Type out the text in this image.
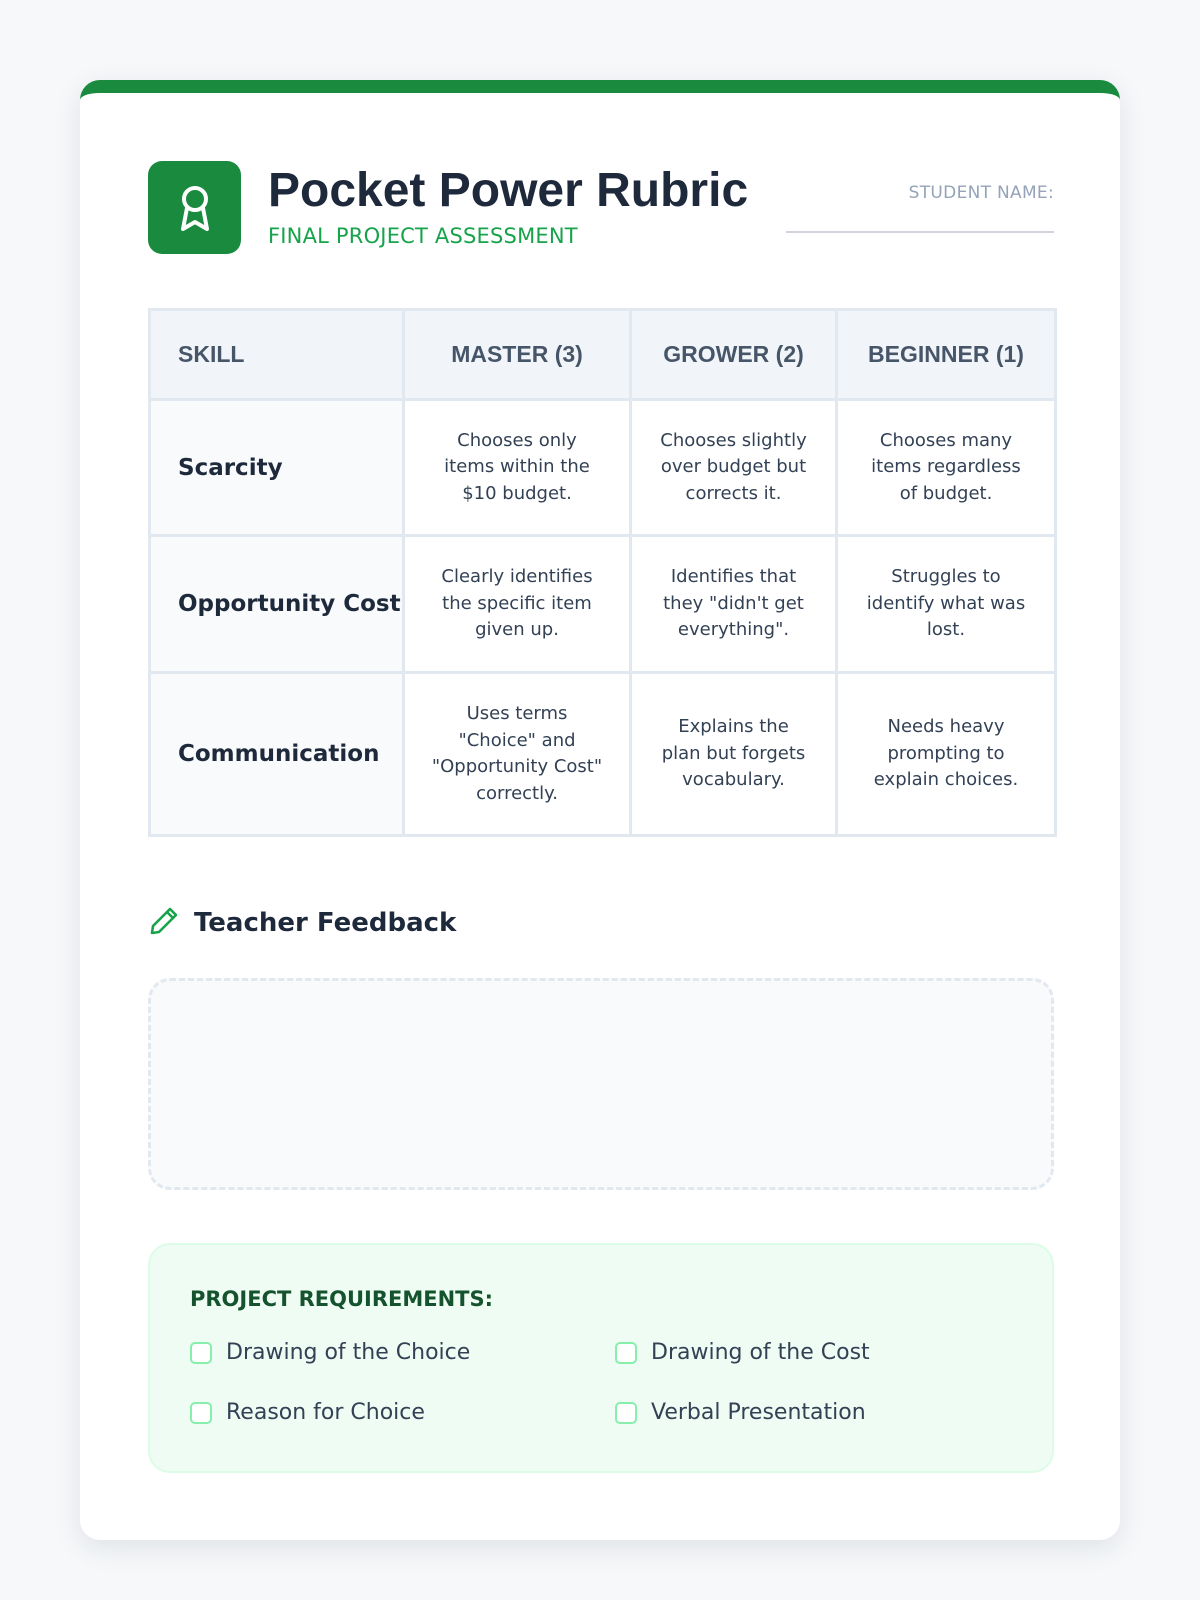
Pocket Power Rubric
FINAL PROJECT ASSESSMENT
STUDENT NAME:
SKILL	MASTER (3)	GROWER (2)	BEGINNER (1)
Scarcity	Chooses only items within the $10 budget.	Chooses slightly over budget but corrects it.	Chooses many items regardless of budget.
Opportunity Cost	Clearly identifies the specific item given up.	Identifies that they "didn't get everything".	Struggles to identify what was lost.
Communication	Uses terms "Choice" and "Opportunity Cost" correctly.	Explains the plan but forgets vocabulary.	Needs heavy prompting to explain choices.
Teacher Feedback
PROJECT REQUIREMENTS:
Drawing of the Choice	Drawing of the Cost
Reason for Choice	Verbal Presentation
